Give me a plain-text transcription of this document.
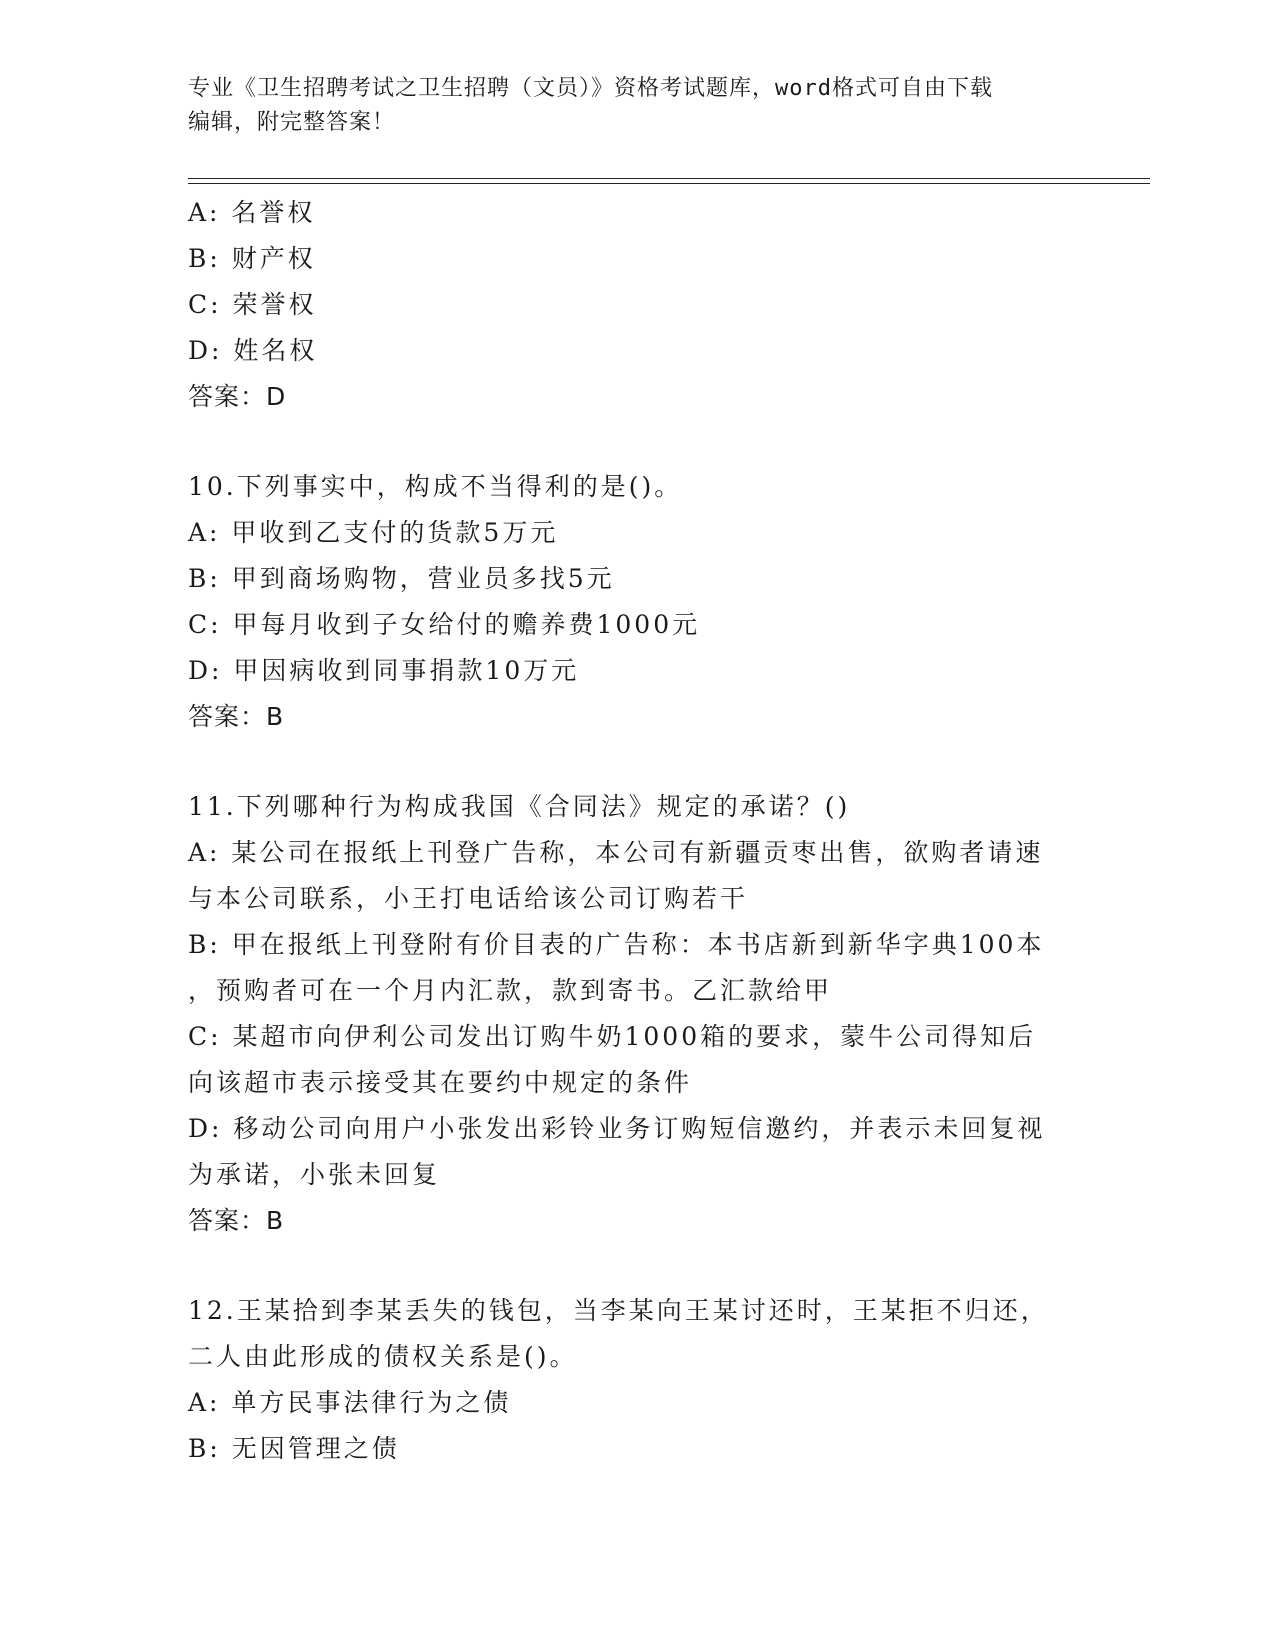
专业《卫生招聘考试之卫生招聘（文员）》资格考试题库，word格式可自由下载
编辑，附完整答案！
A: 名誉权
B: 财产权
C: 荣誉权
D: 姓名权
答案：D
10.下列事实中，构成不当得利的是()。
A: 甲收到乙支付的货款5万元
B: 甲到商场购物，营业员多找5元
C: 甲每月收到子女给付的赡养费1000元
D: 甲因病收到同事捐款10万元
答案：B
11.下列哪种行为构成我国《合同法》规定的承诺？()
A: 某公司在报纸上刊登广告称，本公司有新疆贡枣出售，欲购者请速
与本公司联系，小王打电话给该公司订购若干
B: 甲在报纸上刊登附有价目表的广告称：本书店新到新华字典100本
，预购者可在一个月内汇款，款到寄书。乙汇款给甲
C: 某超市向伊利公司发出订购牛奶1000箱的要求，蒙牛公司得知后
向该超市表示接受其在要约中规定的条件
D: 移动公司向用户小张发出彩铃业务订购短信邀约，并表示未回复视
为承诺，小张未回复
答案：B
12.王某拾到李某丢失的钱包，当李某向王某讨还时，王某拒不归还，
二人由此形成的债权关系是()。
A: 单方民事法律行为之债
B: 无因管理之债
